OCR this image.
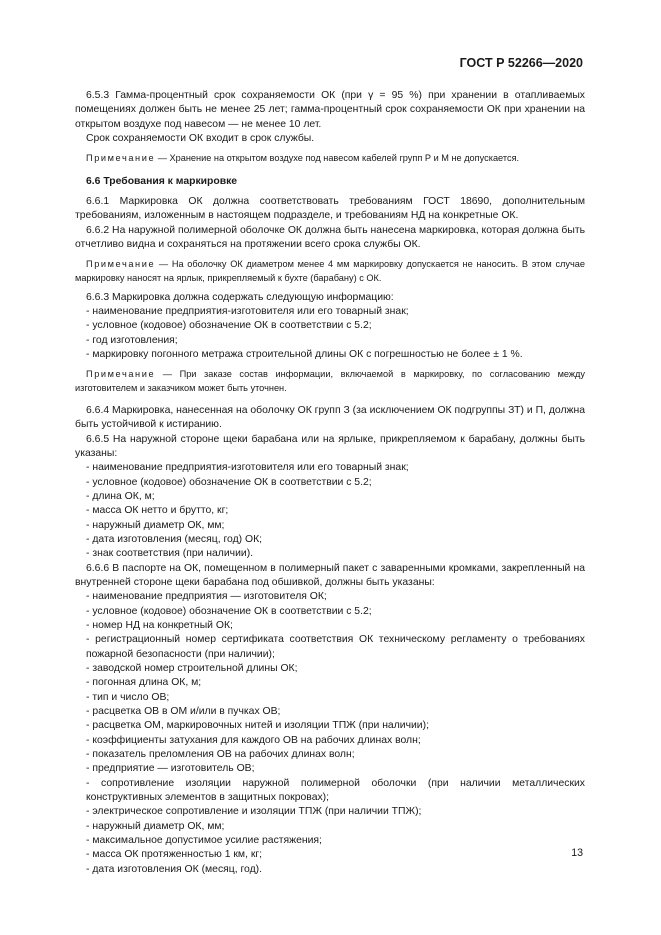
ГОСТ Р 52266—2020

6.5.3 Гамма-процентный срок сохраняемости ОК (при γ = 95 %) при хранении в отапливаемых помещениях должен быть не менее 25 лет; гамма-процентный срок сохраняемости ОК при хранении на открытом воздухе под навесом — не менее 10 лет.

Срок сохраняемости ОК входит в срок службы.

Примечание — Хранение на открытом воздухе под навесом кабелей групп Р и М не допускается.

6.6 Требования к маркировке

6.6.1 Маркировка ОК должна соответствовать требованиям ГОСТ 18690, дополнительным требованиям, изложенным в настоящем подразделе, и требованиям НД на конкретные ОК.

6.6.2 На наружной полимерной оболочке ОК должна быть нанесена маркировка, которая должна быть отчетливо видна и сохраняться на протяжении всего срока службы ОК.

Примечание — На оболочку ОК диаметром менее 4 мм маркировку допускается не наносить. В этом случае маркировку наносят на ярлык, прикрепляемый к бухте (барабану) с ОК.

6.6.3 Маркировка должна содержать следующую информацию:

- наименование предприятия-изготовителя или его товарный знак;
- условное (кодовое) обозначение ОК в соответствии с 5.2;
- год изготовления;
- маркировку погонного метража строительной длины ОК с погрешностью не более ± 1 %.

Примечание — При заказе состав информации, включаемой в маркировку, по согласованию между изготовителем и заказчиком может быть уточнен.

6.6.4 Маркировка, нанесенная на оболочку ОК групп З (за исключением ОК подгруппы ЗТ) и П, должна быть устойчивой к истиранию.

6.6.5 На наружной стороне щеки барабана или на ярлыке, прикрепляемом к барабану, должны быть указаны:

- наименование предприятия-изготовителя или его товарный знак;
- условное (кодовое) обозначение ОК в соответствии с 5.2;
- длина ОК, м;
- масса ОК нетто и брутто, кг;
- наружный диаметр ОК, мм;
- дата изготовления (месяц, год) ОК;
- знак соответствия (при наличии).

6.6.6 В паспорте на ОК, помещенном в полимерный пакет с заваренными кромками, закрепленный на внутренней стороне щеки барабана под обшивкой, должны быть указаны:

- наименование предприятия — изготовителя ОК;
- условное (кодовое) обозначение ОК в соответствии с 5.2;
- номер НД на конкретный ОК;
- регистрационный номер сертификата соответствия ОК техническому регламенту о требованиях пожарной безопасности (при наличии);
- заводской номер строительной длины ОК;
- погонная длина ОК, м;
- тип и число ОВ;
- расцветка ОВ в ОМ и/или в пучках ОВ;
- расцветка ОМ, маркировочных нитей и изоляции ТПЖ (при наличии);
- коэффициенты затухания для каждого ОВ на рабочих длинах волн;
- показатель преломления ОВ на рабочих длинах волн;
- предприятие — изготовитель ОВ;
- сопротивление изоляции наружной полимерной оболочки (при наличии металлических конструктивных элементов в защитных покровах);
- электрическое сопротивление и изоляции ТПЖ (при наличии ТПЖ);
- наружный диаметр ОК, мм;
- максимальное допустимое усилие растяжения;
- масса ОК протяженностью 1 км, кг;
- дата изготовления ОК (месяц, год).
13
